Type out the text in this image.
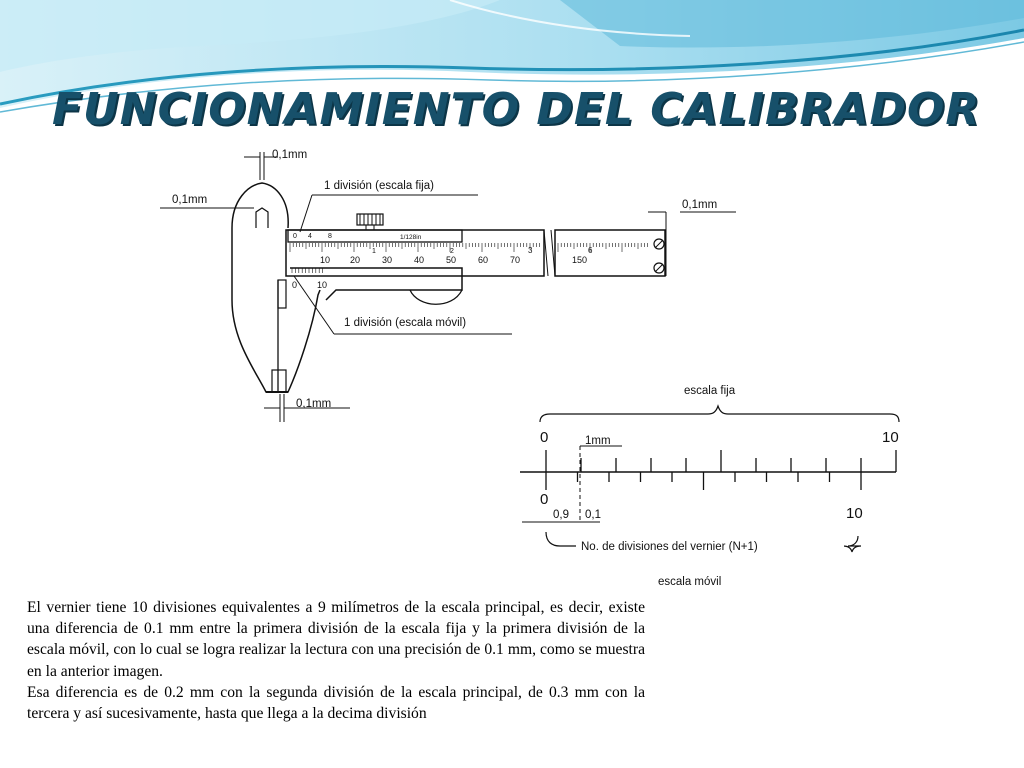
FUNCIONAMIENTO DEL CALIBRADOR
10 20 30 40 50 60 70
3	6
150
0 4 8
1	2
1/128in
0 10
0,1mm
0,1mm	0,1mm
0,1mm
1 división (escala fija)
1 división (escala móvil)
escala fija
0	10
1mm
0
10
0,9 0,1
No. de divisiones del vernier (N+1)
escala móvil

El vernier tiene 10 divisiones equivalentes a 9 milímetros de la escala principal, es decir, existe una diferencia de 0.1 mm entre la primera división de la escala fija y la primera división de la escala móvil, con lo cual se logra realizar la lectura con una precisión de 0.1 mm, como se muestra en la anterior imagen.

Esa diferencia es de 0.2 mm con la segunda división de la escala principal, de 0.3 mm con la tercera y así sucesivamente, hasta que llega a la decima división
